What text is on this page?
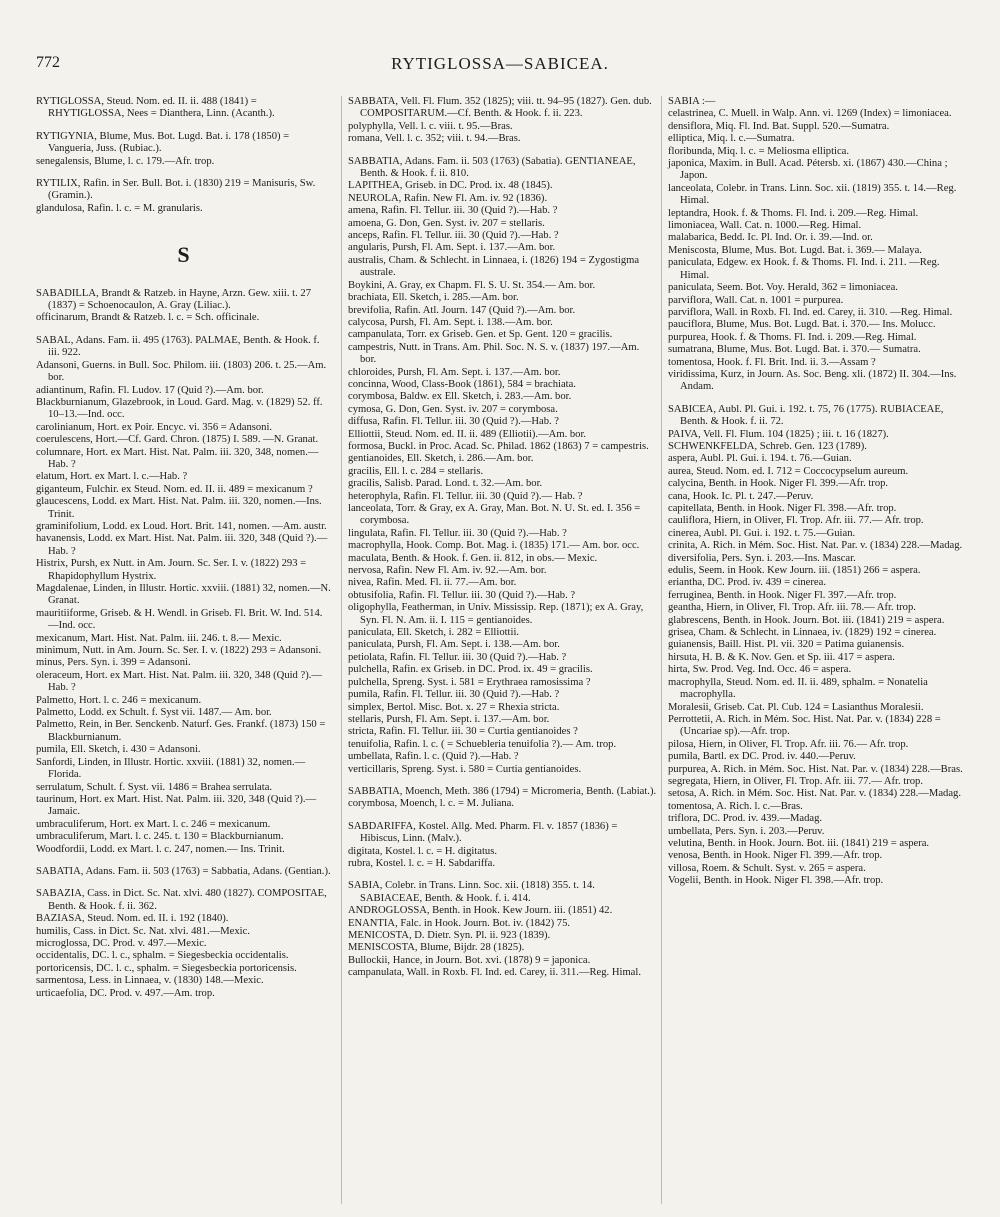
772	RYTIGLOSSA—SABICEA.

RYTIGLOSSA, Steud. Nom. ed. II. ii. 488 (1841) = RHYTIGLOSSA, Nees = Dianthera, Linn. (Acanth.).

RYTIGYNIA, Blume, Mus. Bot. Lugd. Bat. i. 178 (1850) = Vangueria, Juss. (Rubiac.).

senegalensis, Blume, l. c. 179.—Afr. trop.

RYTILIX, Rafin. in Ser. Bull. Bot. i. (1830) 219 = Manisuris, Sw. (Gramin.).

glandulosa, Rafin. l. c. = M. granularis.

S

SABADILLA, Brandt & Ratzeb. in Hayne, Arzn. Gew. xiii. t. 27 (1837) = Schoenocaulon, A. Gray (Liliac.).

officinarum, Brandt & Ratzeb. l. c. = Sch. officinale.

SABAL, Adans. Fam. ii. 495 (1763). PALMAE, Benth. & Hook. f. iii. 922.

Adansoni, Guerns. in Bull. Soc. Philom. iii. (1803) 206. t. 25.—Am. bor.

adiantinum, Rafin. Fl. Ludov. 17 (Quid ?).—Am. bor.

Blackburnianum, Glazebrook, in Loud. Gard. Mag. v. (1829) 52. ff. 10–13.—Ind. occ.

carolinianum, Hort. ex Poir. Encyc. vi. 356 = Adansoni.

coerulescens, Hort.—Cf. Gard. Chron. (1875) I. 589. —N. Granat.

columnare, Hort. ex Mart. Hist. Nat. Palm. iii. 320, 348, nomen.—Hab. ?

elatum, Hort. ex Mart. l. c.—Hab. ?

giganteum, Fulchir. ex Steud. Nom. ed. II. ii. 489 = mexicanum ?

glaucescens, Lodd. ex Mart. Hist. Nat. Palm. iii. 320, nomen.—Ins. Trinit.

graminifolium, Lodd. ex Loud. Hort. Brit. 141, nomen. —Am. austr.

havanensis, Lodd. ex Mart. Hist. Nat. Palm. iii. 320, 348 (Quid ?).—Hab. ?

Histrix, Pursh, ex Nutt. in Am. Journ. Sc. Ser. I. v. (1822) 293 = Rhapidophyllum Hystrix.

Magdalenae, Linden, in Illustr. Hortic. xxviii. (1881) 32, nomen.—N. Granat.

mauritiiforme, Griseb. & H. Wendl. in Griseb. Fl. Brit. W. Ind. 514.—Ind. occ.

mexicanum, Mart. Hist. Nat. Palm. iii. 246. t. 8.— Mexic.

minimum, Nutt. in Am. Journ. Sc. Ser. I. v. (1822) 293 = Adansoni.

minus, Pers. Syn. i. 399 = Adansoni.

oleraceum, Hort. ex Mart. Hist. Nat. Palm. iii. 320, 348 (Quid ?).—Hab. ?

Palmetto, Hort. l. c. 246 = mexicanum.

Palmetto, Lodd. ex Schult. f. Syst vii. 1487.— Am. bor.

Palmetto, Rein, in Ber. Senckenb. Naturf. Ges. Frankf. (1873) 150 = Blackburnianum.

pumila, Ell. Sketch, i. 430 = Adansoni.

Sanfordi, Linden, in Illustr. Hortic. xxviii. (1881) 32, nomen.—Florida.

serrulatum, Schult. f. Syst. vii. 1486 = Brahea serrulata.

taurinum, Hort. ex Mart. Hist. Nat. Palm. iii. 320, 348 (Quid ?).—Jamaic.

umbraculiferum, Hort. ex Mart. l. c. 246 = mexicanum.

umbraculiferum, Mart. l. c. 245. t. 130 = Blackburnianum.

Woodfordii, Lodd. ex Mart. l. c. 247, nomen.— Ins. Trinit.

SABATIA, Adans. Fam. ii. 503 (1763) = Sabbatia, Adans. (Gentian.).

SABAZIA, Cass. in Dict. Sc. Nat. xlvi. 480 (1827). COMPOSITAE, Benth. & Hook. f. ii. 362.

BAZIASA, Steud. Nom. ed. II. i. 192 (1840).

humilis, Cass. in Dict. Sc. Nat. xlvi. 481.—Mexic.

microglossa, DC. Prod. v. 497.—Mexic.

occidentalis, DC. l. c., sphalm. = Siegesbeckia occidentalis.

portoricensis, DC. l. c., sphalm. = Siegesbeckia portoricensis.

sarmentosa, Less. in Linnaea, v. (1830) 148.—Mexic.

urticaefolia, DC. Prod. v. 497.—Am. trop.

SABBATA, Vell. Fl. Flum. 352 (1825); viii. tt. 94–95 (1827). Gen. dub. COMPOSITARUM.—Cf. Benth. & Hook. f. ii. 223.

polyphylla, Vell. l. c. viii. t. 95.—Bras.

romana, Vell. l. c. 352; viii. t. 94.—Bras.

SABBATIA, Adans. Fam. ii. 503 (1763) (Sabatia). GENTIANEAE, Benth. & Hook. f. ii. 810.

LAPITHEA, Griseb. in DC. Prod. ix. 48 (1845).

NEUROLA, Rafin. New Fl. Am. iv. 92 (1836).

amena, Rafin. Fl. Tellur. iii. 30 (Quid ?).—Hab. ?

amoena, G. Don, Gen. Syst. iv. 207 = stellaris.

anceps, Rafin. Fl. Tellur. iii. 30 (Quid ?).—Hab. ?

angularis, Pursh, Fl. Am. Sept. i. 137.—Am. bor.

australis, Cham. & Schlecht. in Linnaea, i. (1826) 194 = Zygostigma australe.

Boykini, A. Gray, ex Chapm. Fl. S. U. St. 354.— Am. bor.

brachiata, Ell. Sketch, i. 285.—Am. bor.

brevifolia, Rafin. Atl. Journ. 147 (Quid ?).—Am. bor.

calycosa, Pursh, Fl. Am. Sept. i. 138.—Am. bor.

campanulata, Torr. ex Griseb. Gen. et Sp. Gent. 120 = gracilis.

campestris, Nutt. in Trans. Am. Phil. Soc. N. S. v. (1837) 197.—Am. bor.

chloroides, Pursh, Fl. Am. Sept. i. 137.—Am. bor.

concinna, Wood, Class-Book (1861), 584 = brachiata.

corymbosa, Baldw. ex Ell. Sketch, i. 283.—Am. bor.

cymosa, G. Don, Gen. Syst. iv. 207 = corymbosa.

diffusa, Rafin. Fl. Tellur. iii. 30 (Quid ?).—Hab. ?

Elliottii, Steud. Nom. ed. II. ii. 489 (Elliotii).—Am. bor.

formosa, Buckl. in Proc. Acad. Sc. Philad. 1862 (1863) 7 = campestris.

gentianoides, Ell. Sketch, i. 286.—Am. bor.

gracilis, Ell. l. c. 284 = stellaris.

gracilis, Salisb. Parad. Lond. t. 32.—Am. bor.

heterophyla, Rafin. Fl. Tellur. iii. 30 (Quid ?).— Hab. ?

lanceolata, Torr. & Gray, ex A. Gray, Man. Bot. N. U. St. ed. I. 356 = corymbosa.

lingulata, Rafin. Fl. Tellur. iii. 30 (Quid ?).—Hab. ?

macrophylla, Hook. Comp. Bot. Mag. i. (1835) 171.— Am. bor. occ.

maculata, Benth. & Hook. f. Gen. ii. 812, in obs.— Mexic.

nervosa, Rafin. New Fl. Am. iv. 92.—Am. bor.

nivea, Rafin. Med. Fl. ii. 77.—Am. bor.

obtusifolia, Rafin. Fl. Tellur. iii. 30 (Quid ?).—Hab. ?

oligophylla, Featherman, in Univ. Mississip. Rep. (1871); ex A. Gray, Syn. Fl. N. Am. ii. I. 115 = gentianoides.

paniculata, Ell. Sketch, i. 282 = Elliottii.

paniculata, Pursh, Fl. Am. Sept. i. 138.—Am. bor.

petiolata, Rafin. Fl. Tellur. iii. 30 (Quid ?).—Hab. ?

pulchella, Rafin. ex Griseb. in DC. Prod. ix. 49 = gracilis.

pulchella, Spreng. Syst. i. 581 = Erythraea ramosissima ?

pumila, Rafin. Fl. Tellur. iii. 30 (Quid ?).—Hab. ?

simplex, Bertol. Misc. Bot. x. 27 = Rhexia stricta.

stellaris, Pursh, Fl. Am. Sept. i. 137.—Am. bor.

stricta, Rafin. Fl. Tellur. iii. 30 = Curtia gentianoides ?

tenuifolia, Rafin. l. c. ( = Schuebleria tenuifolia ?).— Am. trop.

umbellata, Rafin. l. c. (Quid ?).—Hab. ?

verticillaris, Spreng. Syst. i. 580 = Curtia gentianoides.

SABBATIA, Moench, Meth. 386 (1794) = Micromeria, Benth. (Labiat.).

corymbosa, Moench, l. c. = M. Juliana.

SABDARIFFA, Kostel. Allg. Med. Pharm. Fl. v. 1857 (1836) = Hibiscus, Linn. (Malv.).

digitata, Kostel. l. c. = H. digitatus.

rubra, Kostel. l. c. = H. Sabdariffa.

SABIA, Colebr. in Trans. Linn. Soc. xii. (1818) 355. t. 14. SABIACEAE, Benth. & Hook. f. i. 414.

ANDROGLOSSA, Benth. in Hook. Kew Journ. iii. (1851) 42.

ENANTIA, Falc. in Hook. Journ. Bot. iv. (1842) 75.

MENICOSTA, D. Dietr. Syn. Pl. ii. 923 (1839).

MENISCOSTA, Blume, Bijdr. 28 (1825).

Bullockii, Hance, in Journ. Bot. xvi. (1878) 9 = japonica.

campanulata, Wall. in Roxb. Fl. Ind. ed. Carey, ii. 311.—Reg. Himal.

SABIA :—

celastrinea, C. Muell. in Walp. Ann. vi. 1269 (Index) = limoniacea.

densiflora, Miq. Fl. Ind. Bat. Suppl. 520.—Sumatra.

elliptica, Miq. l. c.—Sumatra.

floribunda, Miq. l. c. = Meliosma elliptica.

japonica, Maxim. in Bull. Acad. Pétersb. xi. (1867) 430.—China ; Japon.

lanceolata, Colebr. in Trans. Linn. Soc. xii. (1819) 355. t. 14.—Reg. Himal.

leptandra, Hook. f. & Thoms. Fl. Ind. i. 209.—Reg. Himal.

limoniacea, Wall. Cat. n. 1000.—Reg. Himal.

malabarica, Bedd. Ic. Pl. Ind. Or. i. 39.—Ind. or.

Meniscosta, Blume, Mus. Bot. Lugd. Bat. i. 369.— Malaya.

paniculata, Edgew. ex Hook. f. & Thoms. Fl. Ind. i. 211. —Reg. Himal.

paniculata, Seem. Bot. Voy. Herald, 362 = limoniacea.

parviflora, Wall. Cat. n. 1001 = purpurea.

parviflora, Wall. in Roxb. Fl. Ind. ed. Carey, ii. 310. —Reg. Himal.

pauciflora, Blume, Mus. Bot. Lugd. Bat. i. 370.— Ins. Molucc.

purpurea, Hook. f. & Thoms. Fl. Ind. i. 209.—Reg. Himal.

sumatrana, Blume, Mus. Bot. Lugd. Bat. i. 370.— Sumatra.

tomentosa, Hook. f. Fl. Brit. Ind. ii. 3.—Assam ?

viridissima, Kurz, in Journ. As. Soc. Beng. xli. (1872) II. 304.—Ins. Andam.

SABICEA, Aubl. Pl. Gui. i. 192. t. 75, 76 (1775). RUBIACEAE, Benth. & Hook. f. ii. 72.

PAIVA, Vell. Fl. Flum. 104 (1825) ; iii. t. 16 (1827).

SCHWENKFELDA, Schreb. Gen. 123 (1789).

aspera, Aubl. Pl. Gui. i. 194. t. 76.—Guian.

aurea, Steud. Nom. ed. I. 712 = Coccocypselum aureum.

calycina, Benth. in Hook. Niger Fl. 399.—Afr. trop.

cana, Hook. Ic. Pl. t. 247.—Peruv.

capitellata, Benth. in Hook. Niger Fl. 398.—Afr. trop.

cauliflora, Hiern, in Oliver, Fl. Trop. Afr. iii. 77.— Afr. trop.

cinerea, Aubl. Pl. Gui. i. 192. t. 75.—Guian.

crinita, A. Rich. in Mém. Soc. Hist. Nat. Par. v. (1834) 228.—Madag.

diversifolia, Pers. Syn. i. 203.—Ins. Mascar.

edulis, Seem. in Hook. Kew Journ. iii. (1851) 266 = aspera.

eriantha, DC. Prod. iv. 439 = cinerea.

ferruginea, Benth. in Hook. Niger Fl. 397.—Afr. trop.

geantha, Hiern, in Oliver, Fl. Trop. Afr. iii. 78.— Afr. trop.

glabrescens, Benth. in Hook. Journ. Bot. iii. (1841) 219 = aspera.

grisea, Cham. & Schlecht. in Linnaea, iv. (1829) 192 = cinerea.

guianensis, Baill. Hist. Pl. vii. 320 = Patima guianensis.

hirsuta, H. B. & K. Nov. Gen. et Sp. iii. 417 = aspera.

hirta, Sw. Prod. Veg. Ind. Occ. 46 = aspera.

macrophylla, Steud. Nom. ed. II. ii. 489, sphalm. = Nonatelia macrophylla.

Moralesii, Griseb. Cat. Pl. Cub. 124 = Lasianthus Moralesii.

Perrottetii, A. Rich. in Mém. Soc. Hist. Nat. Par. v. (1834) 228 = (Uncariae sp).—Afr. trop.

pilosa, Hiern, in Oliver, Fl. Trop. Afr. iii. 76.— Afr. trop.

pumila, Bartl. ex DC. Prod. iv. 440.—Peruv.

purpurea, A. Rich. in Mém. Soc. Hist. Nat. Par. v. (1834) 228.—Bras.

segregata, Hiern, in Oliver, Fl. Trop. Afr. iii. 77.— Afr. trop.

setosa, A. Rich. in Mém. Soc. Hist. Nat. Par. v. (1834) 228.—Madag.

tomentosa, A. Rich. l. c.—Bras.

triflora, DC. Prod. iv. 439.—Madag.

umbellata, Pers. Syn. i. 203.—Peruv.

velutina, Benth. in Hook. Journ. Bot. iii. (1841) 219 = aspera.

venosa, Benth. in Hook. Niger Fl. 399.—Afr. trop.

villosa, Roem. & Schult. Syst. v. 265 = aspera.

Vogelii, Benth. in Hook. Niger Fl. 398.—Afr. trop.
